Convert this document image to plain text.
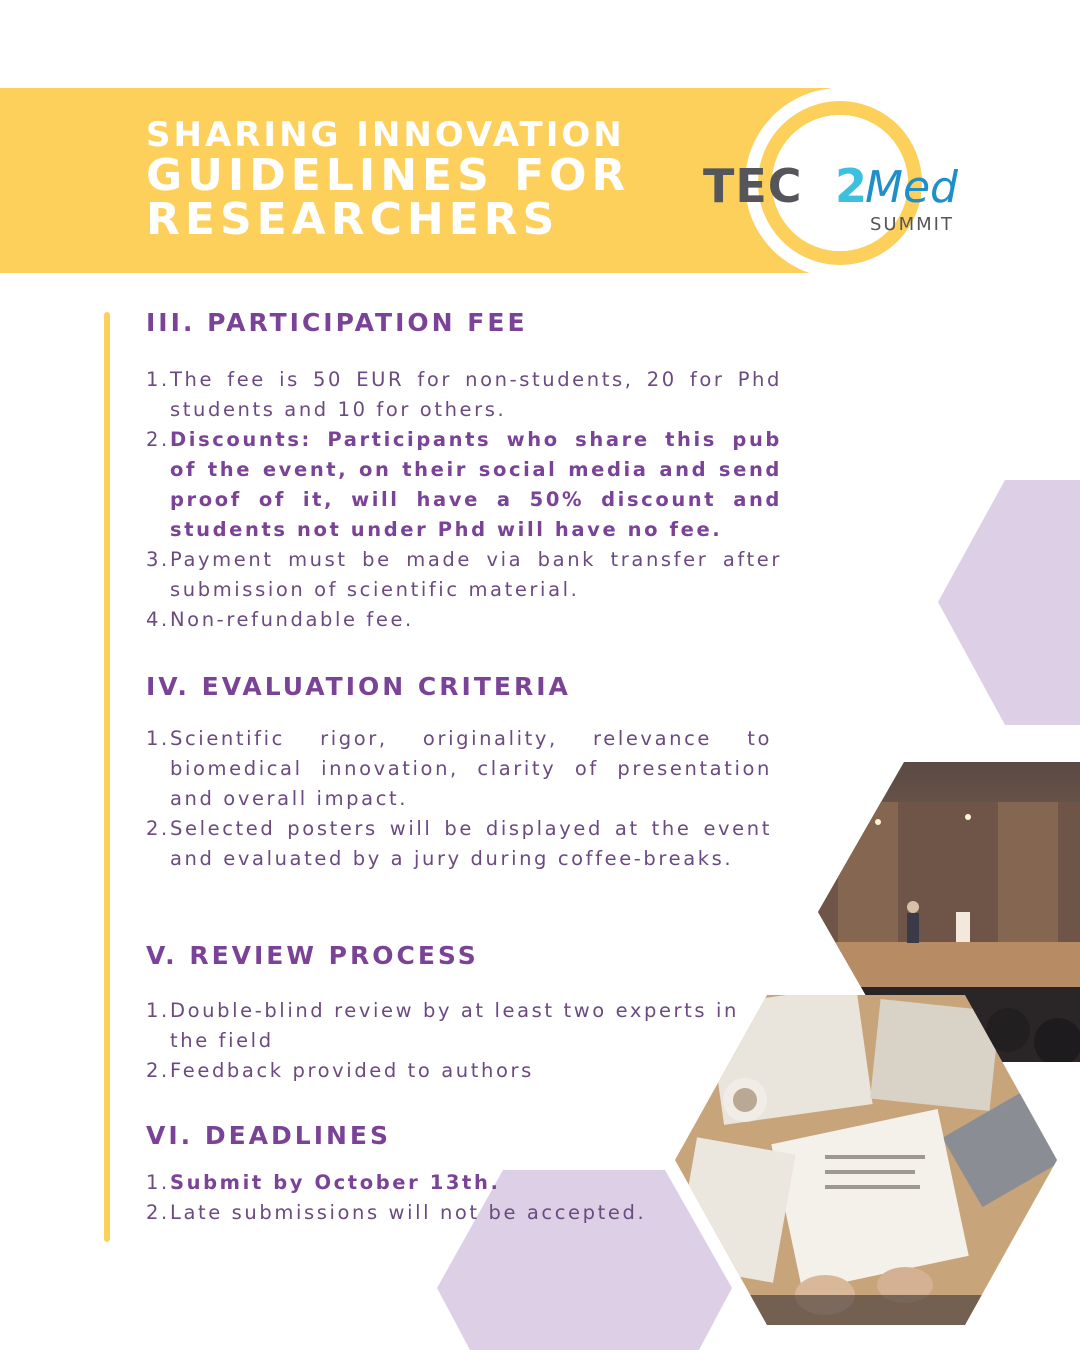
SHARING INNOVATION
GUIDELINES FOR
RESEARCHERS
TEC 2
Med
SUMMIT
III. PARTICIPATION FEE
1. The fee is 50 EUR for non-students, 20 for Phd students and 10 for others.
2. Discounts: Participants who share this pub of the event, on their social media and send proof of it, will have a 50% discount and students not under Phd will have no fee.
3. Payment must be made via bank transfer after submission of scientific material.
4. Non-refundable fee.
IV. EVALUATION CRITERIA
1. Scientific rigor, originality, relevance to biomedical innovation, clarity of presentation and overall impact.
2. Selected posters will be displayed at the event and evaluated by a jury during coffee-breaks.
V. REVIEW PROCESS
1. Double-blind review by at least two experts in the field
2. Feedback provided to authors
VI. DEADLINES
1. Submit by October 13th.
2. Late submissions will not be accepted.
